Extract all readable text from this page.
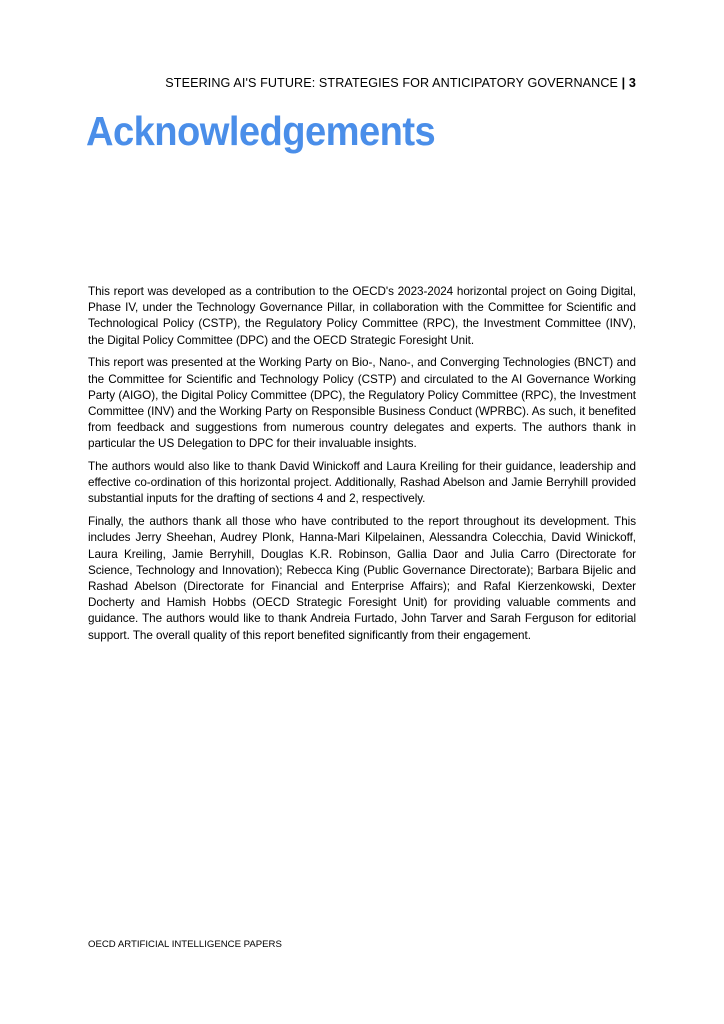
STEERING AI'S FUTURE: STRATEGIES FOR ANTICIPATORY GOVERNANCE | 3
Acknowledgements

This report was developed as a contribution to the OECD's 2023-2024 horizontal project on Going Digital, Phase IV, under the Technology Governance Pillar, in collaboration with the Committee for Scientific and Technological Policy (CSTP), the Regulatory Policy Committee (RPC), the Investment Committee (INV), the Digital Policy Committee (DPC) and the OECD Strategic Foresight Unit.

This report was presented at the Working Party on Bio-, Nano-, and Converging Technologies (BNCT) and the Committee for Scientific and Technology Policy (CSTP) and circulated to the AI Governance Working Party (AIGO), the Digital Policy Committee (DPC), the Regulatory Policy Committee (RPC), the Investment Committee (INV) and the Working Party on Responsible Business Conduct (WPRBC). As such, it benefited from feedback and suggestions from numerous country delegates and experts. The authors thank in particular the US Delegation to DPC for their invaluable insights.

The authors would also like to thank David Winickoff and Laura Kreiling for their guidance, leadership and effective co-ordination of this horizontal project. Additionally, Rashad Abelson and Jamie Berryhill provided substantial inputs for the drafting of sections 4 and 2, respectively.

Finally, the authors thank all those who have contributed to the report throughout its development. This includes Jerry Sheehan, Audrey Plonk, Hanna-Mari Kilpelainen, Alessandra Colecchia, David Winickoff, Laura Kreiling, Jamie Berryhill, Douglas K.R. Robinson, Gallia Daor and Julia Carro (Directorate for Science, Technology and Innovation); Rebecca King (Public Governance Directorate); Barbara Bijelic and Rashad Abelson (Directorate for Financial and Enterprise Affairs); and Rafal Kierzenkowski, Dexter Docherty and Hamish Hobbs (OECD Strategic Foresight Unit) for providing valuable comments and guidance. The authors would like to thank Andreia Furtado, John Tarver and Sarah Ferguson for editorial support. The overall quality of this report benefited significantly from their engagement.

OECD ARTIFICIAL INTELLIGENCE PAPERS
